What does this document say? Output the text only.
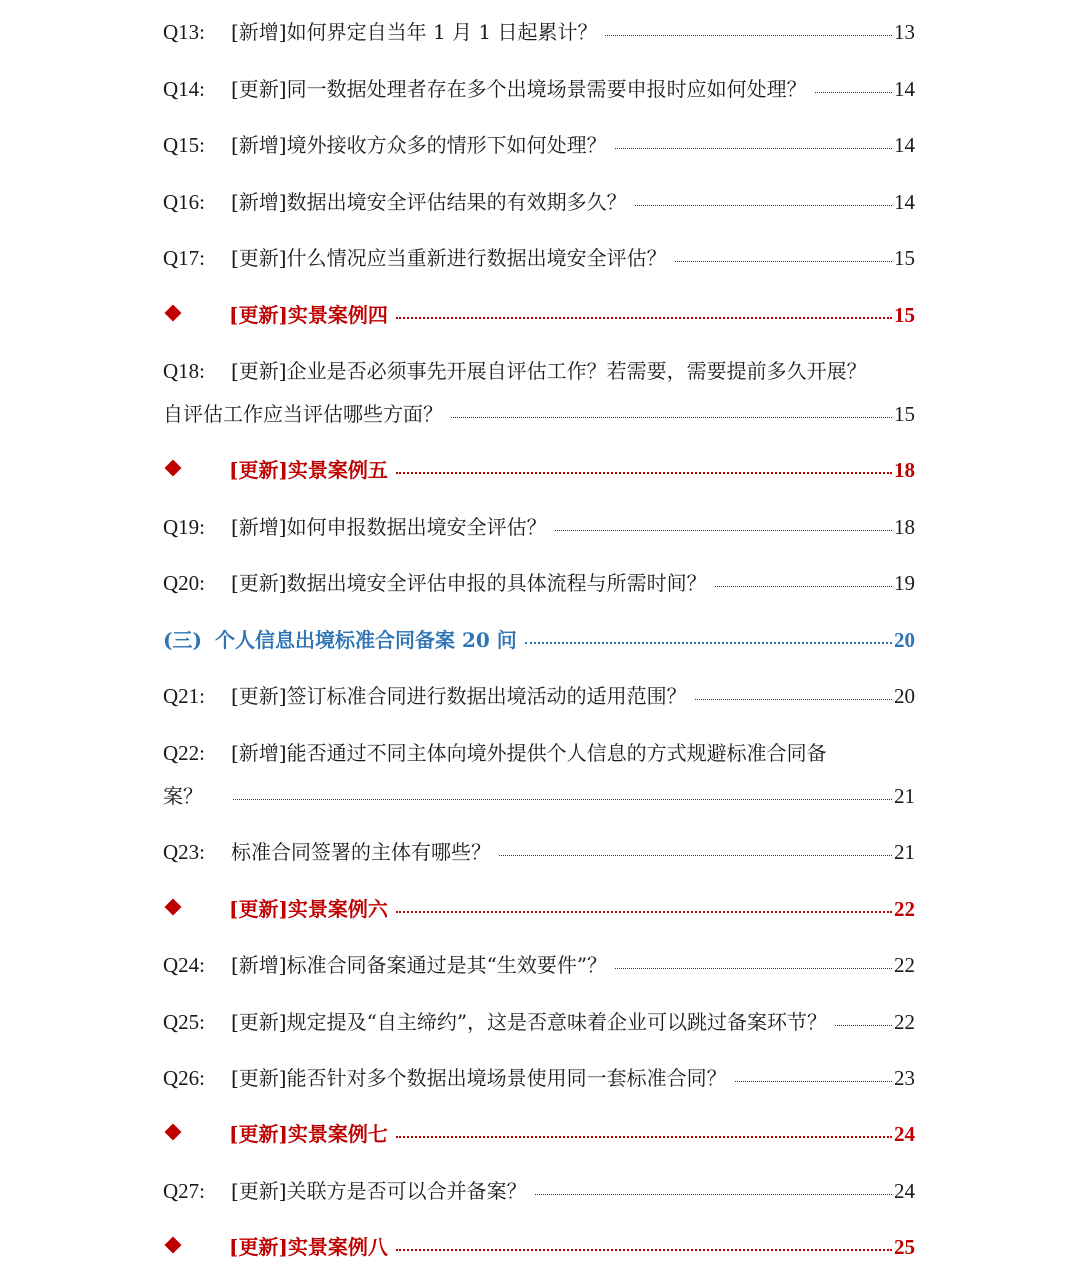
Q13:	[新增]如何界定自当年 1 月 1 日起累计？	13
Q14:	[更新]同一数据处理者存在多个出境场景需要申报时应如何处理？	14
Q15:	[新增]境外接收方众多的情形下如何处理？	14
Q16:	[新增]数据出境安全评估结果的有效期多久？	14
Q17:	[更新]什么情况应当重新进行数据出境安全评估？	15
[更新]实景案例四	15
Q18:	[更新]企业是否必须事先开展自评估工作？若需要，需要提前多久开展？
自评估工作应当评估哪些方面？	15
[更新]实景案例五	18
Q19:	[新增]如何申报数据出境安全评估？	18
Q20:	[更新]数据出境安全评估申报的具体流程与所需时间？	19
(三) 个人信息出境标准合同备案 20 问	20
Q21:	[更新]签订标准合同进行数据出境活动的适用范围？	20
Q22:	[新增]能否通过不同主体向境外提供个人信息的方式规避标准合同备
案？	21
Q23:	标准合同签署的主体有哪些？	21
[更新]实景案例六	22
Q24:	[新增]标准合同备案通过是其“生效要件”？	22
Q25:	[更新]规定提及“自主缔约”，这是否意味着企业可以跳过备案环节？	22
Q26:	[更新]能否针对多个数据出境场景使用同一套标准合同？	23
[更新]实景案例七	24
Q27:	[更新]关联方是否可以合并备案？	24
[更新]实景案例八	25
